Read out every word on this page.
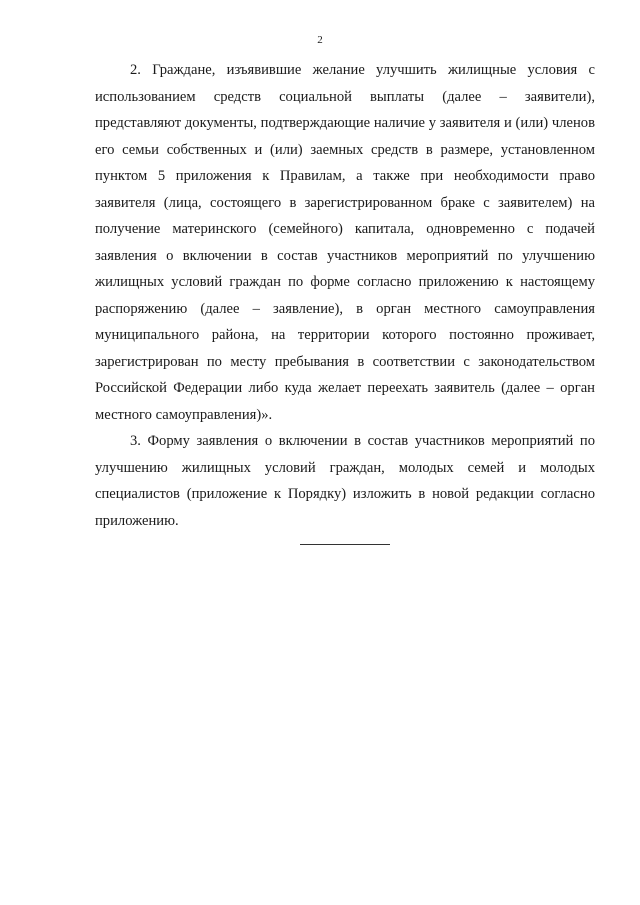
2

2. Граждане, изъявившие желание улучшить жилищные условия с использованием средств социальной выплаты (далее – заявители), представляют документы, подтверждающие наличие у заявителя и (или) членов его семьи собственных и (или) заемных средств в размере, установленном пунктом 5 приложения к Правилам, а также при необходимости право заявителя (лица, состоящего в зарегистрированном браке с заявителем) на получение материнского (семейного) капитала, одновременно с подачей заявления о включении в состав участников мероприятий по улучшению жилищных условий граждан по форме согласно приложению к настоящему распоряжению (далее – заявление), в орган местного самоуправления муниципального района, на территории которого постоянно проживает, зарегистрирован по месту пребывания в соответствии с законодательством Российской Федерации либо куда желает переехать заявитель (далее – орган местного самоуправления)».

3. Форму заявления о включении в состав участников мероприятий по улучшению жилищных условий граждан, молодых семей и молодых специалистов (приложение к Порядку) изложить в новой редакции согласно приложению.
